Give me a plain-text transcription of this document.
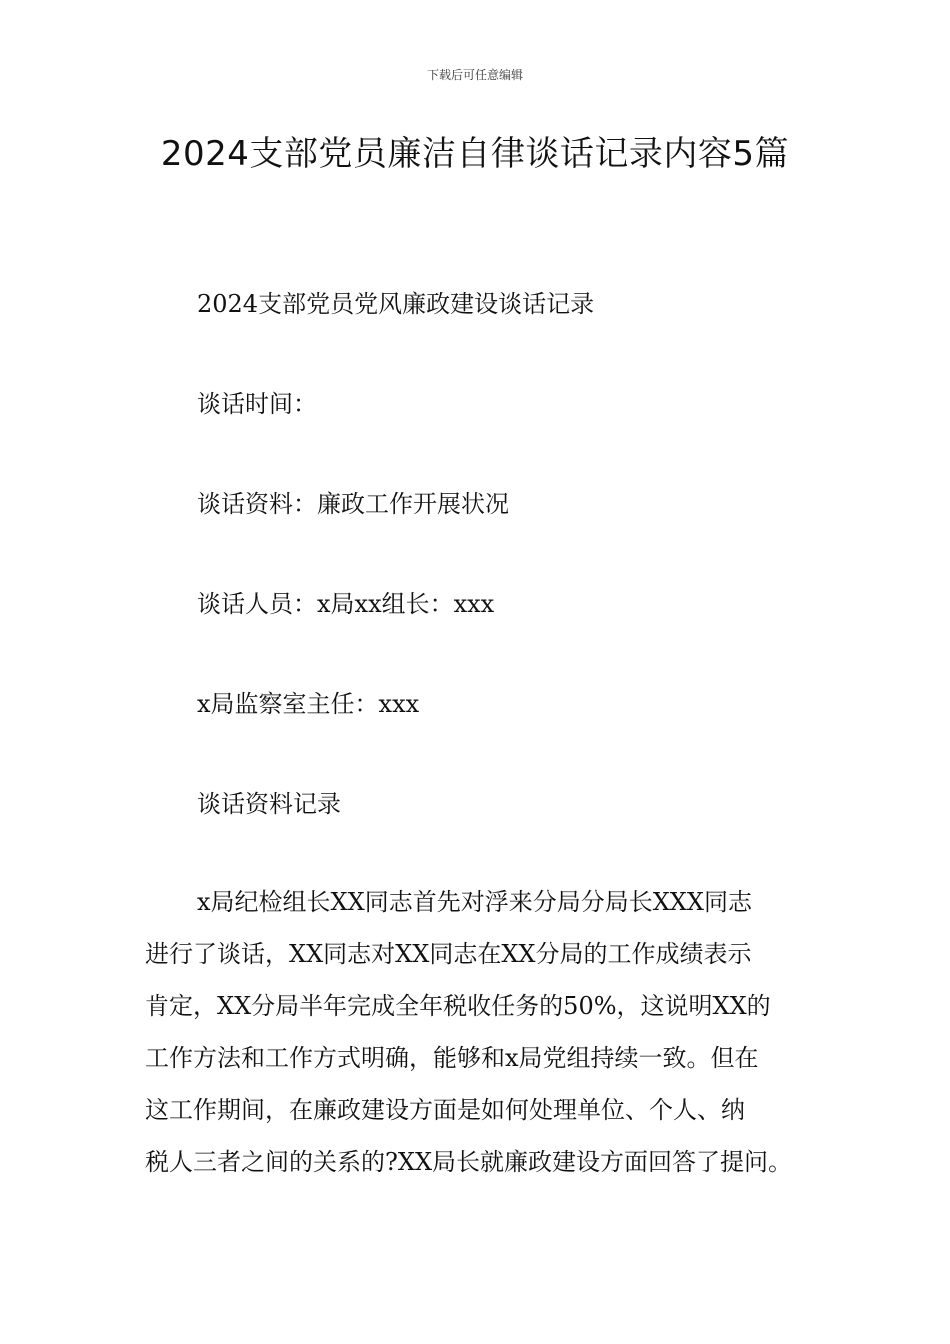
下载后可任意编辑
2024支部党员廉洁自律谈话记录内容5篇
2024支部党员党风廉政建设谈话记录
谈话时间：
谈话资料：廉政工作开展状况
谈话人员：x局xx组长：xxx
x局监察室主任：xxx
谈话资料记录
x局纪检组长XX同志首先对浮来分局分局长XXX同志
进行了谈话，XX同志对XX同志在XX分局的工作成绩表示
肯定，XX分局半年完成全年税收任务的50%，这说明XX的
工作方法和工作方式明确，能够和x局党组持续一致。但在
这工作期间，在廉政建设方面是如何处理单位、个人、纳
税人三者之间的关系的?XX局长就廉政建设方面回答了提问。
